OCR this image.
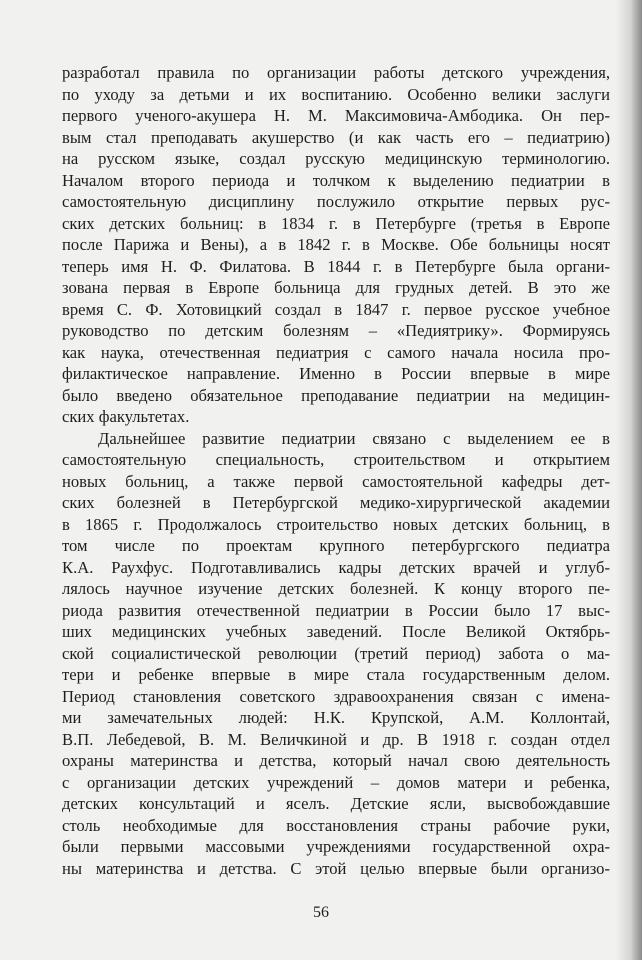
разработал правила по организации работы детского учреждения,
по уходу за детьми и их воспитанию. Особенно велики заслуги
первого ученого-акушера Н. М. Максимовича-Амбодика. Он пер-
вым стал преподавать акушерство (и как часть его – педиатрию)
на русском языке, создал русскую медицинскую терминологию.
Началом второго периода и толчком к выделению педиатрии в
самостоятельную дисциплину послужило открытие первых рус-
ских детских больниц: в 1834 г. в Петербурге (третья в Европе
после Парижа и Вены), а в 1842 г. в Москве. Обе больницы носят
теперь имя Н. Ф. Филатова. В 1844 г. в Петербурге была органи-
зована первая в Европе больница для грудных детей. В это же
время С. Ф. Хотовицкий создал в 1847 г. первое русское учебное
руководство по детским болезням – «Педиятрику». Формируясь
как наука, отечественная педиатрия с самого начала носила про-
филактическое направление. Именно в России впервые в мире
было введено обязательное преподавание педиатрии на медицин-
ских факультетах.
Дальнейшее развитие педиатрии связано с выделением ее в
самостоятельную специальность, строительством и открытием
новых больниц, а также первой самостоятельной кафедры дет-
ских болезней в Петербургской медико-хирургической академии
в 1865 г. Продолжалось строительство новых детских больниц, в
том числе по проектам крупного петербургского педиатра
К.А. Раухфус. Подготавливались кадры детских врачей и углуб-
лялось научное изучение детских болезней. К концу второго пе-
риода развития отечественной педиатрии в России было 17 выс-
ших медицинских учебных заведений. После Великой Октябрь-
ской социалистической революции (третий период) забота о ма-
тери и ребенке впервые в мире стала государственным делом.
Период становления советского здравоохранения связан с имена-
ми замечательных людей: Н.К. Крупской, А.М. Коллонтай,
В.П. Лебедевой, В. М. Величкиной и др. В 1918 г. создан отдел
охраны материнства и детства, который начал свою деятельность
с организации детских учреждений – домов матери и ребенка,
детских консультаций и яселъ. Детские ясли, высвобождавшие
столь необходимые для восстановления страны рабочие руки,
были первыми массовыми учреждениями государственной охра-
ны материнства и детства. С этой целью впервые были организо-
56
